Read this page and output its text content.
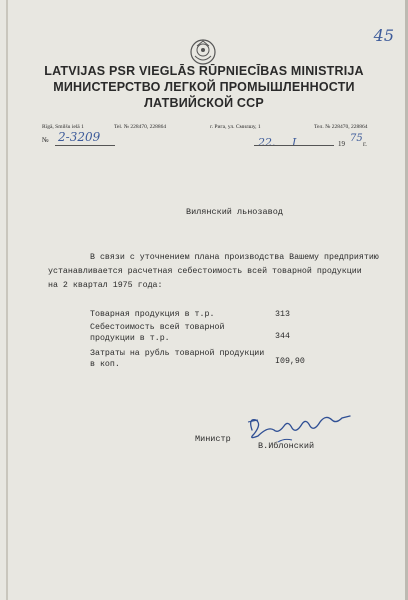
45
LATVIJAS PSR VIEGLĀS RŪPNIECĪBAS MINISTRIJA
МИНИСТЕРСТВО ЛЕГКОЙ ПРОМЫШЛЕННОСТИ
ЛАТВИЙСКОЙ ССР
Rīgā, Smilšu ielā 1	Tel. № 228470, 228864	г. Рига, ул. Смилшу, 1	Тел. № 228470, 228864
№ 2-3209	22. I	19 75 г.
Вилянский льнозавод
В связи с уточнением плана производства Вашему предприятию
устанавливается расчетная себестоимость всей товарной продукции
на 2 квартал 1975 года:
Товарная продукция в т.р.	313
Себестоимость всей товарной
продукции в т.р.	344
Затраты на рубль товарной продукции
в коп.	I09,90
Министр
В.Иблонский
